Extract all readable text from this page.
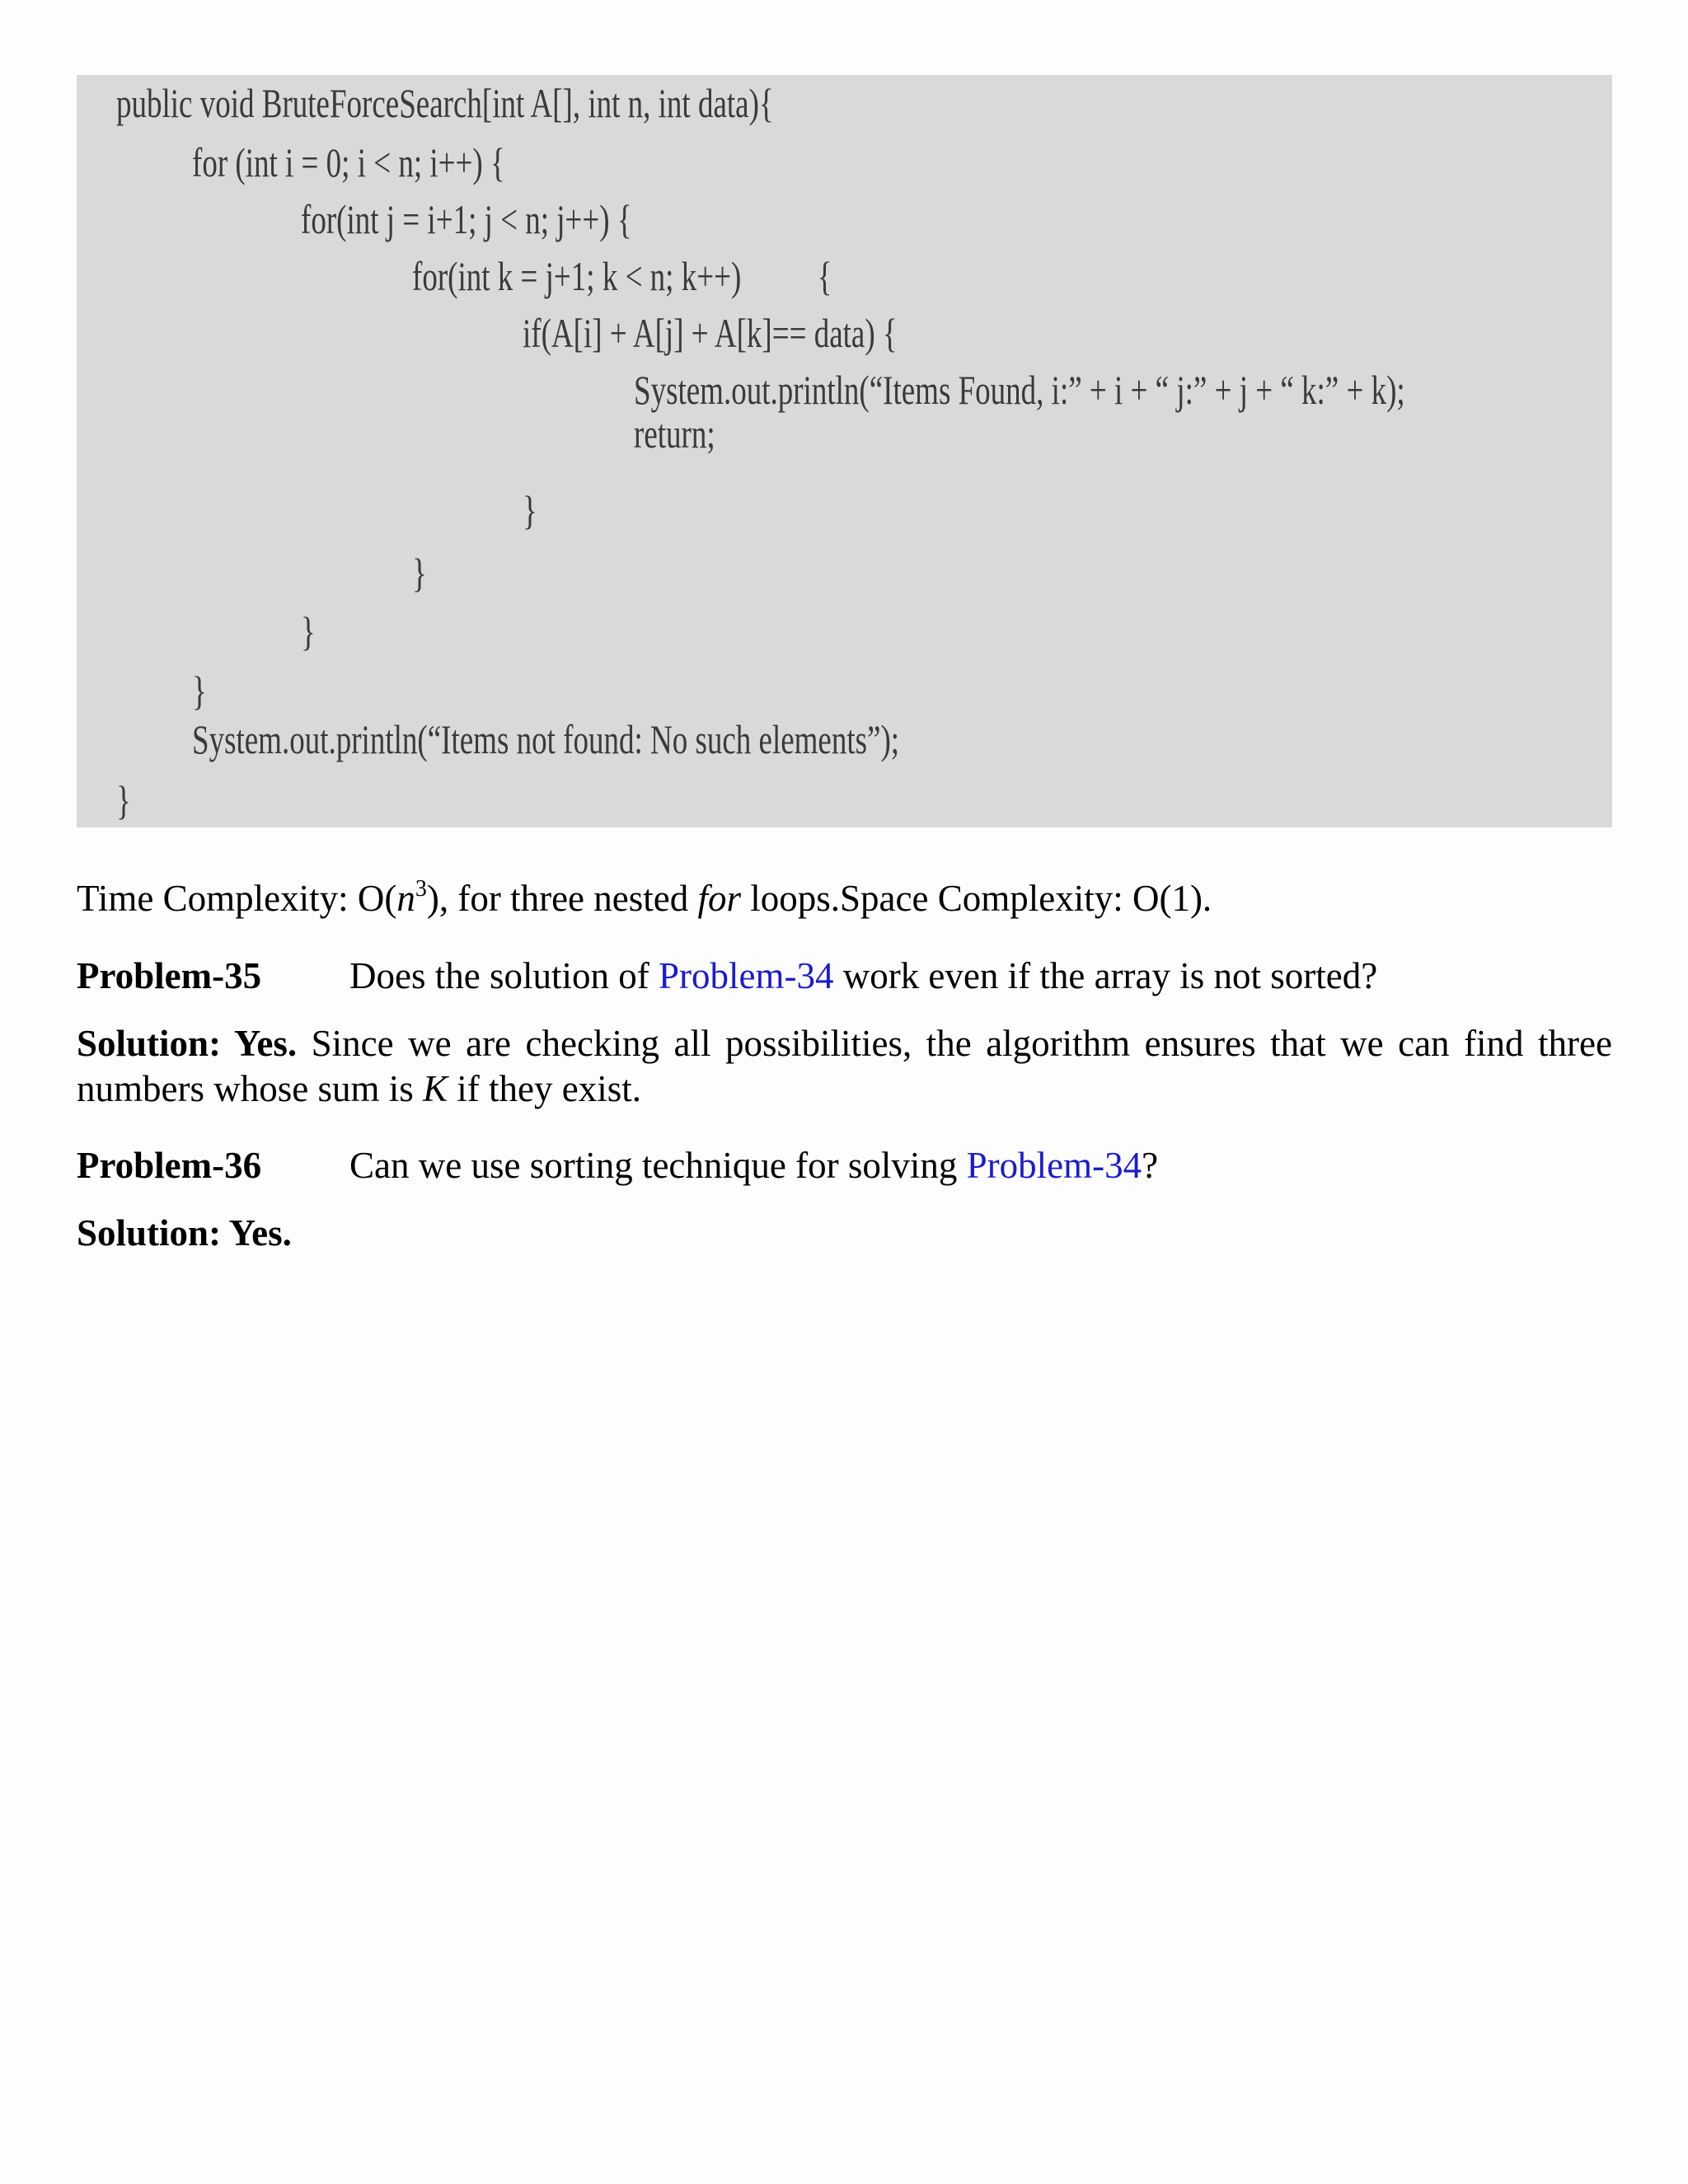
public void BruteForceSearch[int A[], int n, int data){
for (int i = 0; i < n; i++) {
for(int j = i+1; j < n; j++) {
for(int k = j+1; k < n; k++)          {
if(A[i] + A[j] + A[k]== data) {
System.out.println(“Items Found, i:” + i + “ j:” + j + “ k:” + k);
return;
}
}
}
}
System.out.println(“Items not found: No such elements”);
}

Time Complexity: $O(n^3)$, for three nested for loops.Space Complexity: O(1).

Problem-35 Does the solution of Problem-34 work even if the array is not sorted?

Solution: Yes. Since we are checking all possibilities, the algorithm ensures that we can find three numbers whose sum is K if they exist.

Problem-36 Can we use sorting technique for solving Problem-34?

Solution: Yes.
